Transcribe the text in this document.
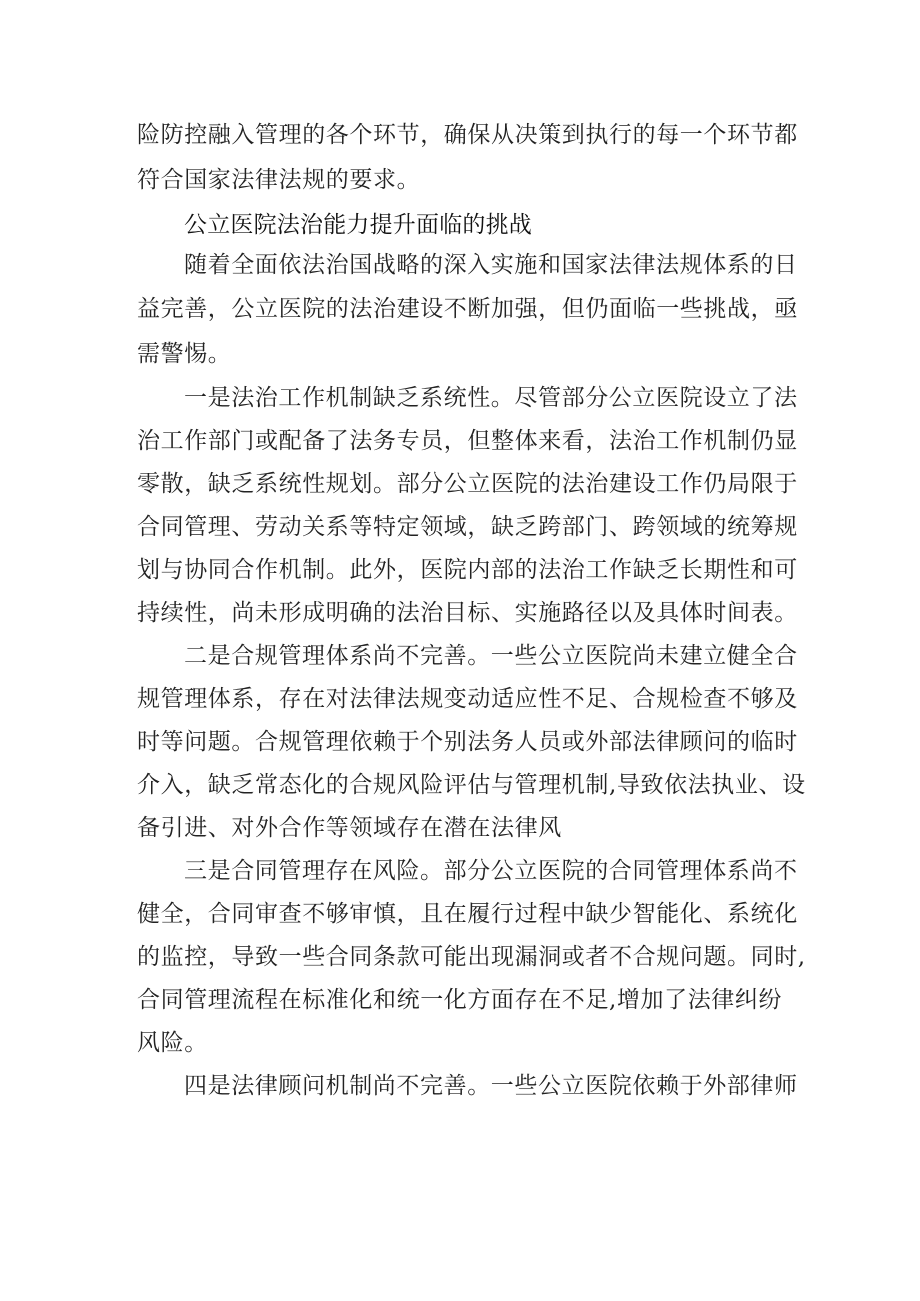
险防控融入管理的各个环节，确保从决策到执行的每一个环节都
符合国家法律法规的要求。
公立医院法治能力提升面临的挑战
随着全面依法治国战略的深入实施和国家法律法规体系的日
益完善，公立医院的法治建设不断加强，但仍面临一些挑战，亟
需警惕。
一是法治工作机制缺乏系统性。尽管部分公立医院设立了法
治工作部门或配备了法务专员，但整体来看，法治工作机制仍显
零散，缺乏系统性规划。部分公立医院的法治建设工作仍局限于
合同管理、劳动关系等特定领域，缺乏跨部门、跨领域的统筹规
划与协同合作机制。此外，医院内部的法治工作缺乏长期性和可
持续性，尚未形成明确的法治目标、实施路径以及具体时间表。
二是合规管理体系尚不完善。一些公立医院尚未建立健全合
规管理体系，存在对法律法规变动适应性不足、合规检查不够及
时等问题。合规管理依赖于个别法务人员或外部法律顾问的临时
介入，缺乏常态化的合规风险评估与管理机制,导致依法执业、设
备引进、对外合作等领域存在潜在法律风
三是合同管理存在风险。部分公立医院的合同管理体系尚不
健全，合同审查不够审慎，且在履行过程中缺少智能化、系统化
的监控，导致一些合同条款可能出现漏洞或者不合规问题。同时,
合同管理流程在标准化和统一化方面存在不足,增加了法律纠纷
风险。
四是法律顾问机制尚不完善。一些公立医院依赖于外部律师
